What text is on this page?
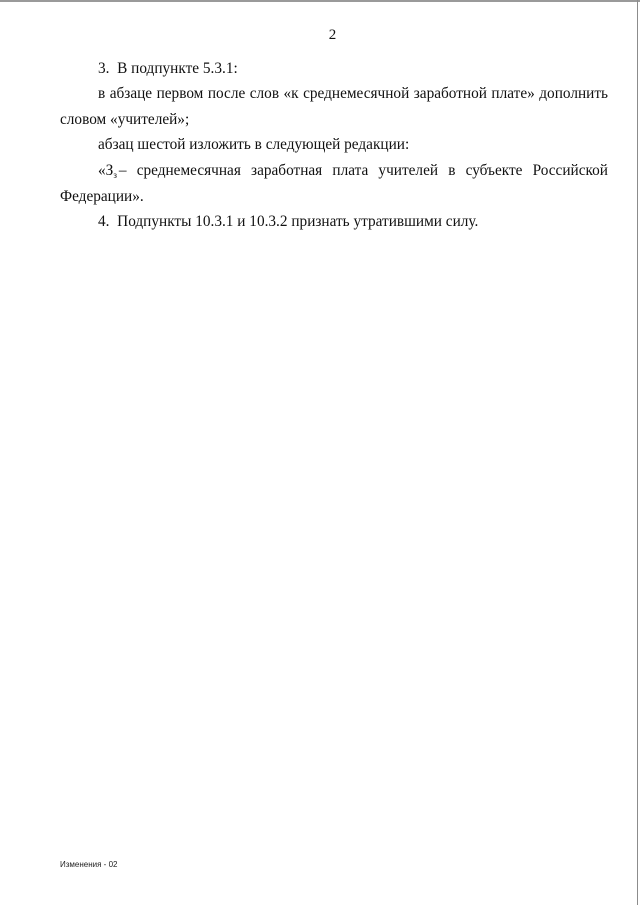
2
3. В подпункте 5.3.1:
в абзаце первом после слов «к среднемесячной заработной плате» дополнить
словом «учителей»;
абзац шестой изложить в следующей редакции:
«$З_з$ – среднемесячная заработная плата учителей в субъекте Российской
Федерации».
4. Подпункты 10.3.1 и 10.3.2 признать утратившими силу.
Изменения - 02
